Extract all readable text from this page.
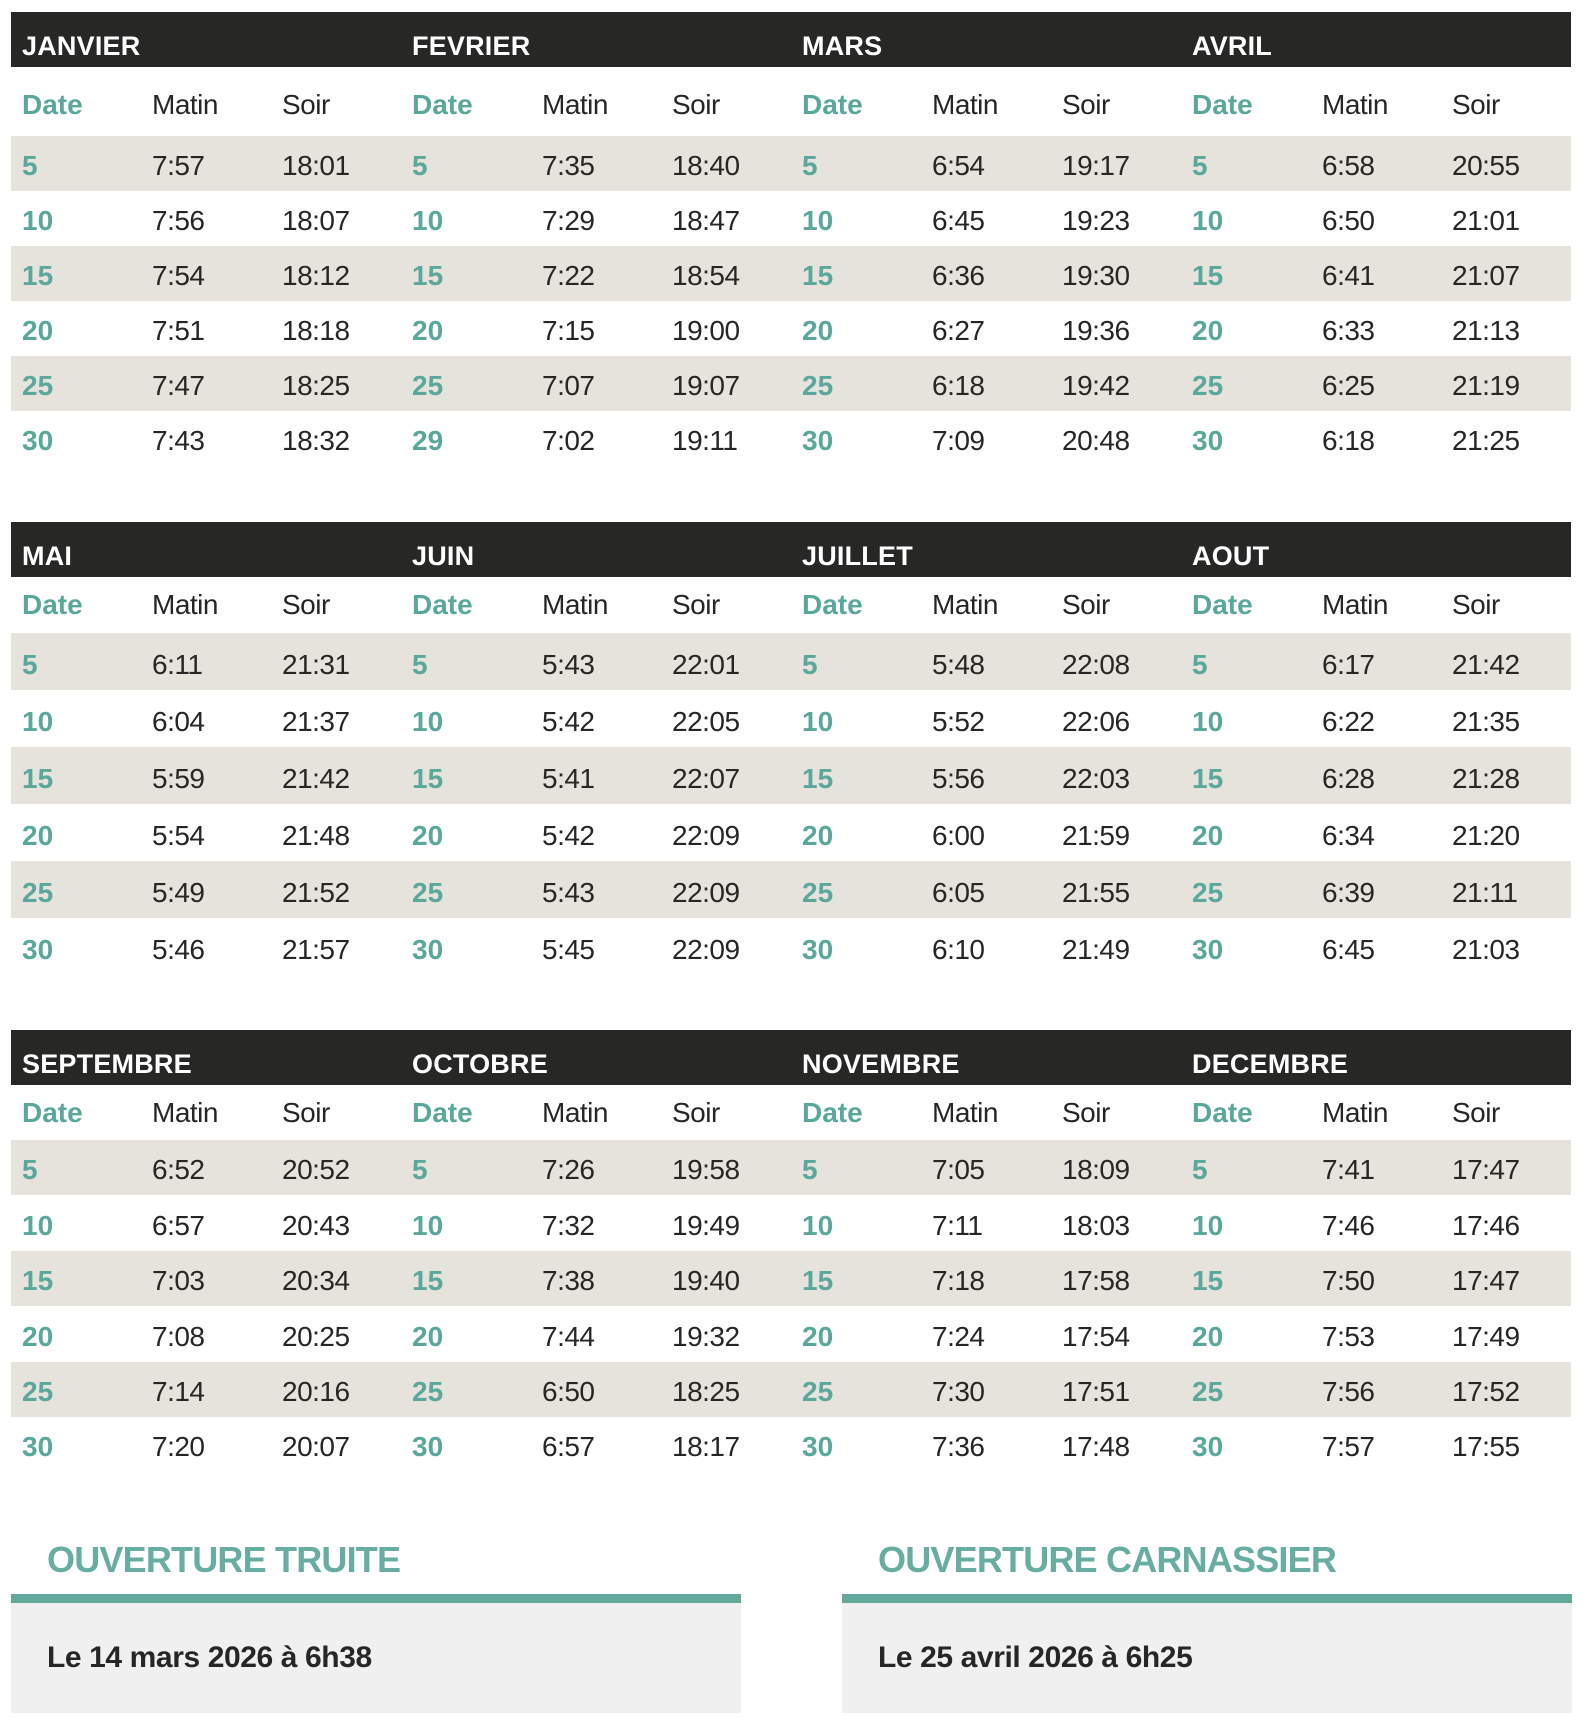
JANVIER	FEVRIER	MARS	AVRIL
Date	Matin	Soir
5	7:57	18:01
10	7:56	18:07
15	7:54	18:12
20	7:51	18:18
25	7:47	18:25
30	7:43	18:32
Date	Matin	Soir
5	7:35	18:40
10	7:29	18:47
15	7:22	18:54
20	7:15	19:00
25	7:07	19:07
29	7:02	19:11
Date	Matin	Soir
5	6:54	19:17
10	6:45	19:23
15	6:36	19:30
20	6:27	19:36
25	6:18	19:42
30	7:09	20:48
Date	Matin	Soir
5	6:58	20:55
10	6:50	21:01
15	6:41	21:07
20	6:33	21:13
25	6:25	21:19
30	6:18	21:25
MAI	JUIN	JUILLET	AOUT
Date	Matin	Soir
5	6:11	21:31
10	6:04	21:37
15	5:59	21:42
20	5:54	21:48
25	5:49	21:52
30	5:46	21:57
Date	Matin	Soir
5	5:43	22:01
10	5:42	22:05
15	5:41	22:07
20	5:42	22:09
25	5:43	22:09
30	5:45	22:09
Date	Matin	Soir
5	5:48	22:08
10	5:52	22:06
15	5:56	22:03
20	6:00	21:59
25	6:05	21:55
30	6:10	21:49
Date	Matin	Soir
5	6:17	21:42
10	6:22	21:35
15	6:28	21:28
20	6:34	21:20
25	6:39	21:11
30	6:45	21:03
SEPTEMBRE	OCTOBRE	NOVEMBRE	DECEMBRE
Date	Matin	Soir
5	6:52	20:52
10	6:57	20:43
15	7:03	20:34
20	7:08	20:25
25	7:14	20:16
30	7:20	20:07
Date	Matin	Soir
5	7:26	19:58
10	7:32	19:49
15	7:38	19:40
20	7:44	19:32
25	6:50	18:25
30	6:57	18:17
Date	Matin	Soir
5	7:05	18:09
10	7:11	18:03
15	7:18	17:58
20	7:24	17:54
25	7:30	17:51
30	7:36	17:48
Date	Matin	Soir
5	7:41	17:47
10	7:46	17:46
15	7:50	17:47
20	7:53	17:49
25	7:56	17:52
30	7:57	17:55
OUVERTURE TRUITE
Le 14 mars 2026 à 6h38
OUVERTURE CARNASSIER
Le 25 avril 2026 à 6h25
